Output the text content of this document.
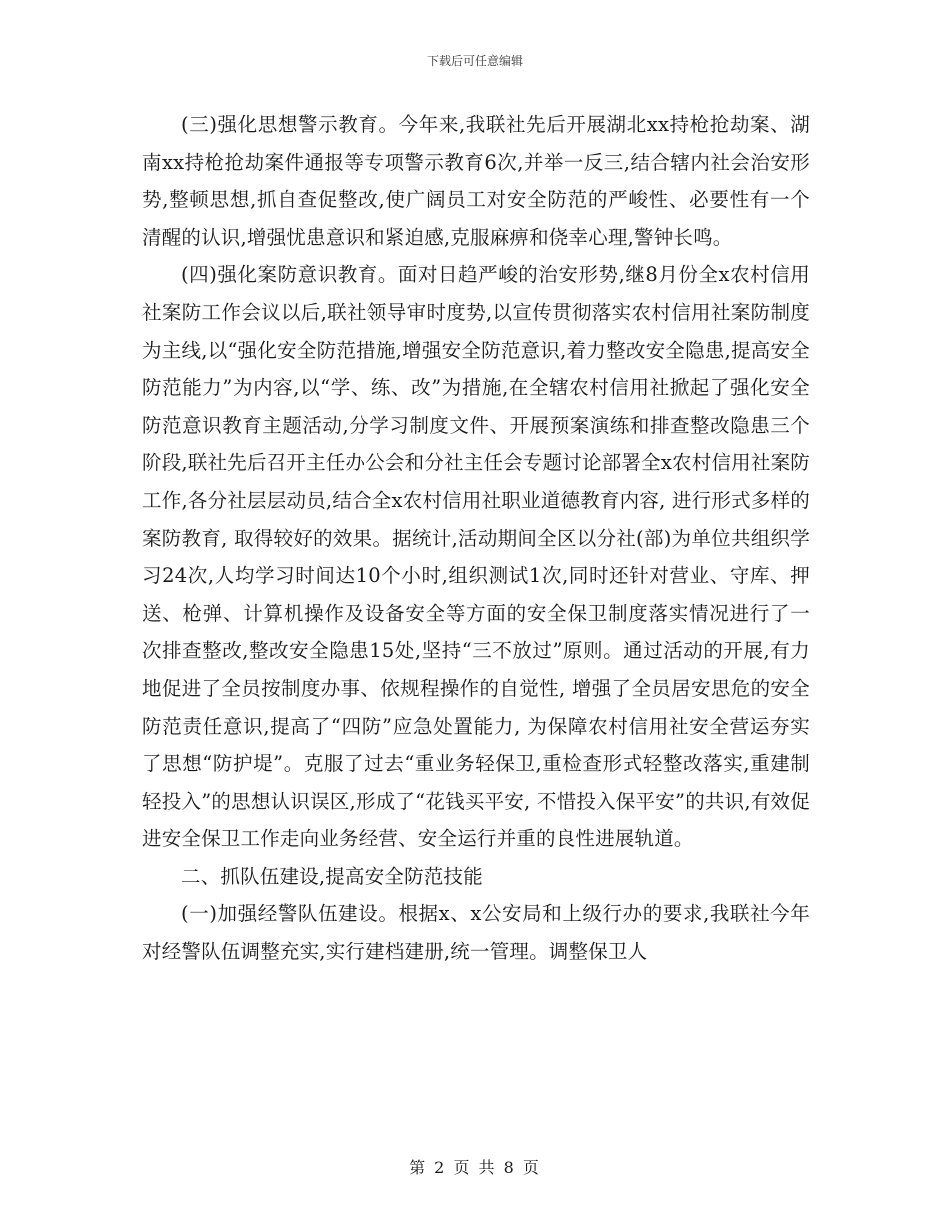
下载后可任意编辑

(三)强化思想警示教育。今年来,我联社先后开展湖北xx持枪抢劫案、湖南xx持枪抢劫案件通报等专项警示教育6次,并举一反三,结合辖内社会治安形势,整顿思想,抓自查促整改,使广阔员工对安全防范的严峻性、必要性有一个清醒的认识,增强忧患意识和紧迫感,克服麻痹和侥幸心理,警钟长鸣。

(四)强化案防意识教育。面对日趋严峻的治安形势,继8月份全x农村信用社案防工作会议以后,联社领导审时度势,以宣传贯彻落实农村信用社案防制度为主线,以“强化安全防范措施,增强安全防范意识,着力整改安全隐患,提高安全防范能力”为内容,以“学、练、改”为措施,在全辖农村信用社掀起了强化安全防范意识教育主题活动,分学习制度文件、开展预案演练和排查整改隐患三个阶段,联社先后召开主任办公会和分社主任会专题讨论部署全x农村信用社案防工作,各分社层层动员,结合全x农村信用社职业道德教育内容, 进行形式多样的案防教育, 取得较好的效果。据统计,活动期间全区以分社(部)为单位共组织学习24次,人均学习时间达10个小时,组织测试1次,同时还针对营业、守库、押送、枪弹、计算机操作及设备安全等方面的安全保卫制度落实情况进行了一次排查整改,整改安全隐患15处,坚持“三不放过”原则。通过活动的开展,有力地促进了全员按制度办事、依规程操作的自觉性, 增强了全员居安思危的安全防范责任意识,提高了“四防”应急处置能力, 为保障农村信用社安全营运夯实了思想“防护堤”。克服了过去“重业务轻保卫,重检查形式轻整改落实,重建制轻投入”的思想认识误区,形成了“花钱买平安, 不惜投入保平安”的共识,有效促进安全保卫工作走向业务经营、安全运行并重的良性进展轨道。

二、抓队伍建设,提高安全防范技能

(一)加强经警队伍建设。根据x、x公安局和上级行办的要求,我联社今年对经警队伍调整充实,实行建档建册,统一管理。调整保卫人

第 2 页 共 8 页
